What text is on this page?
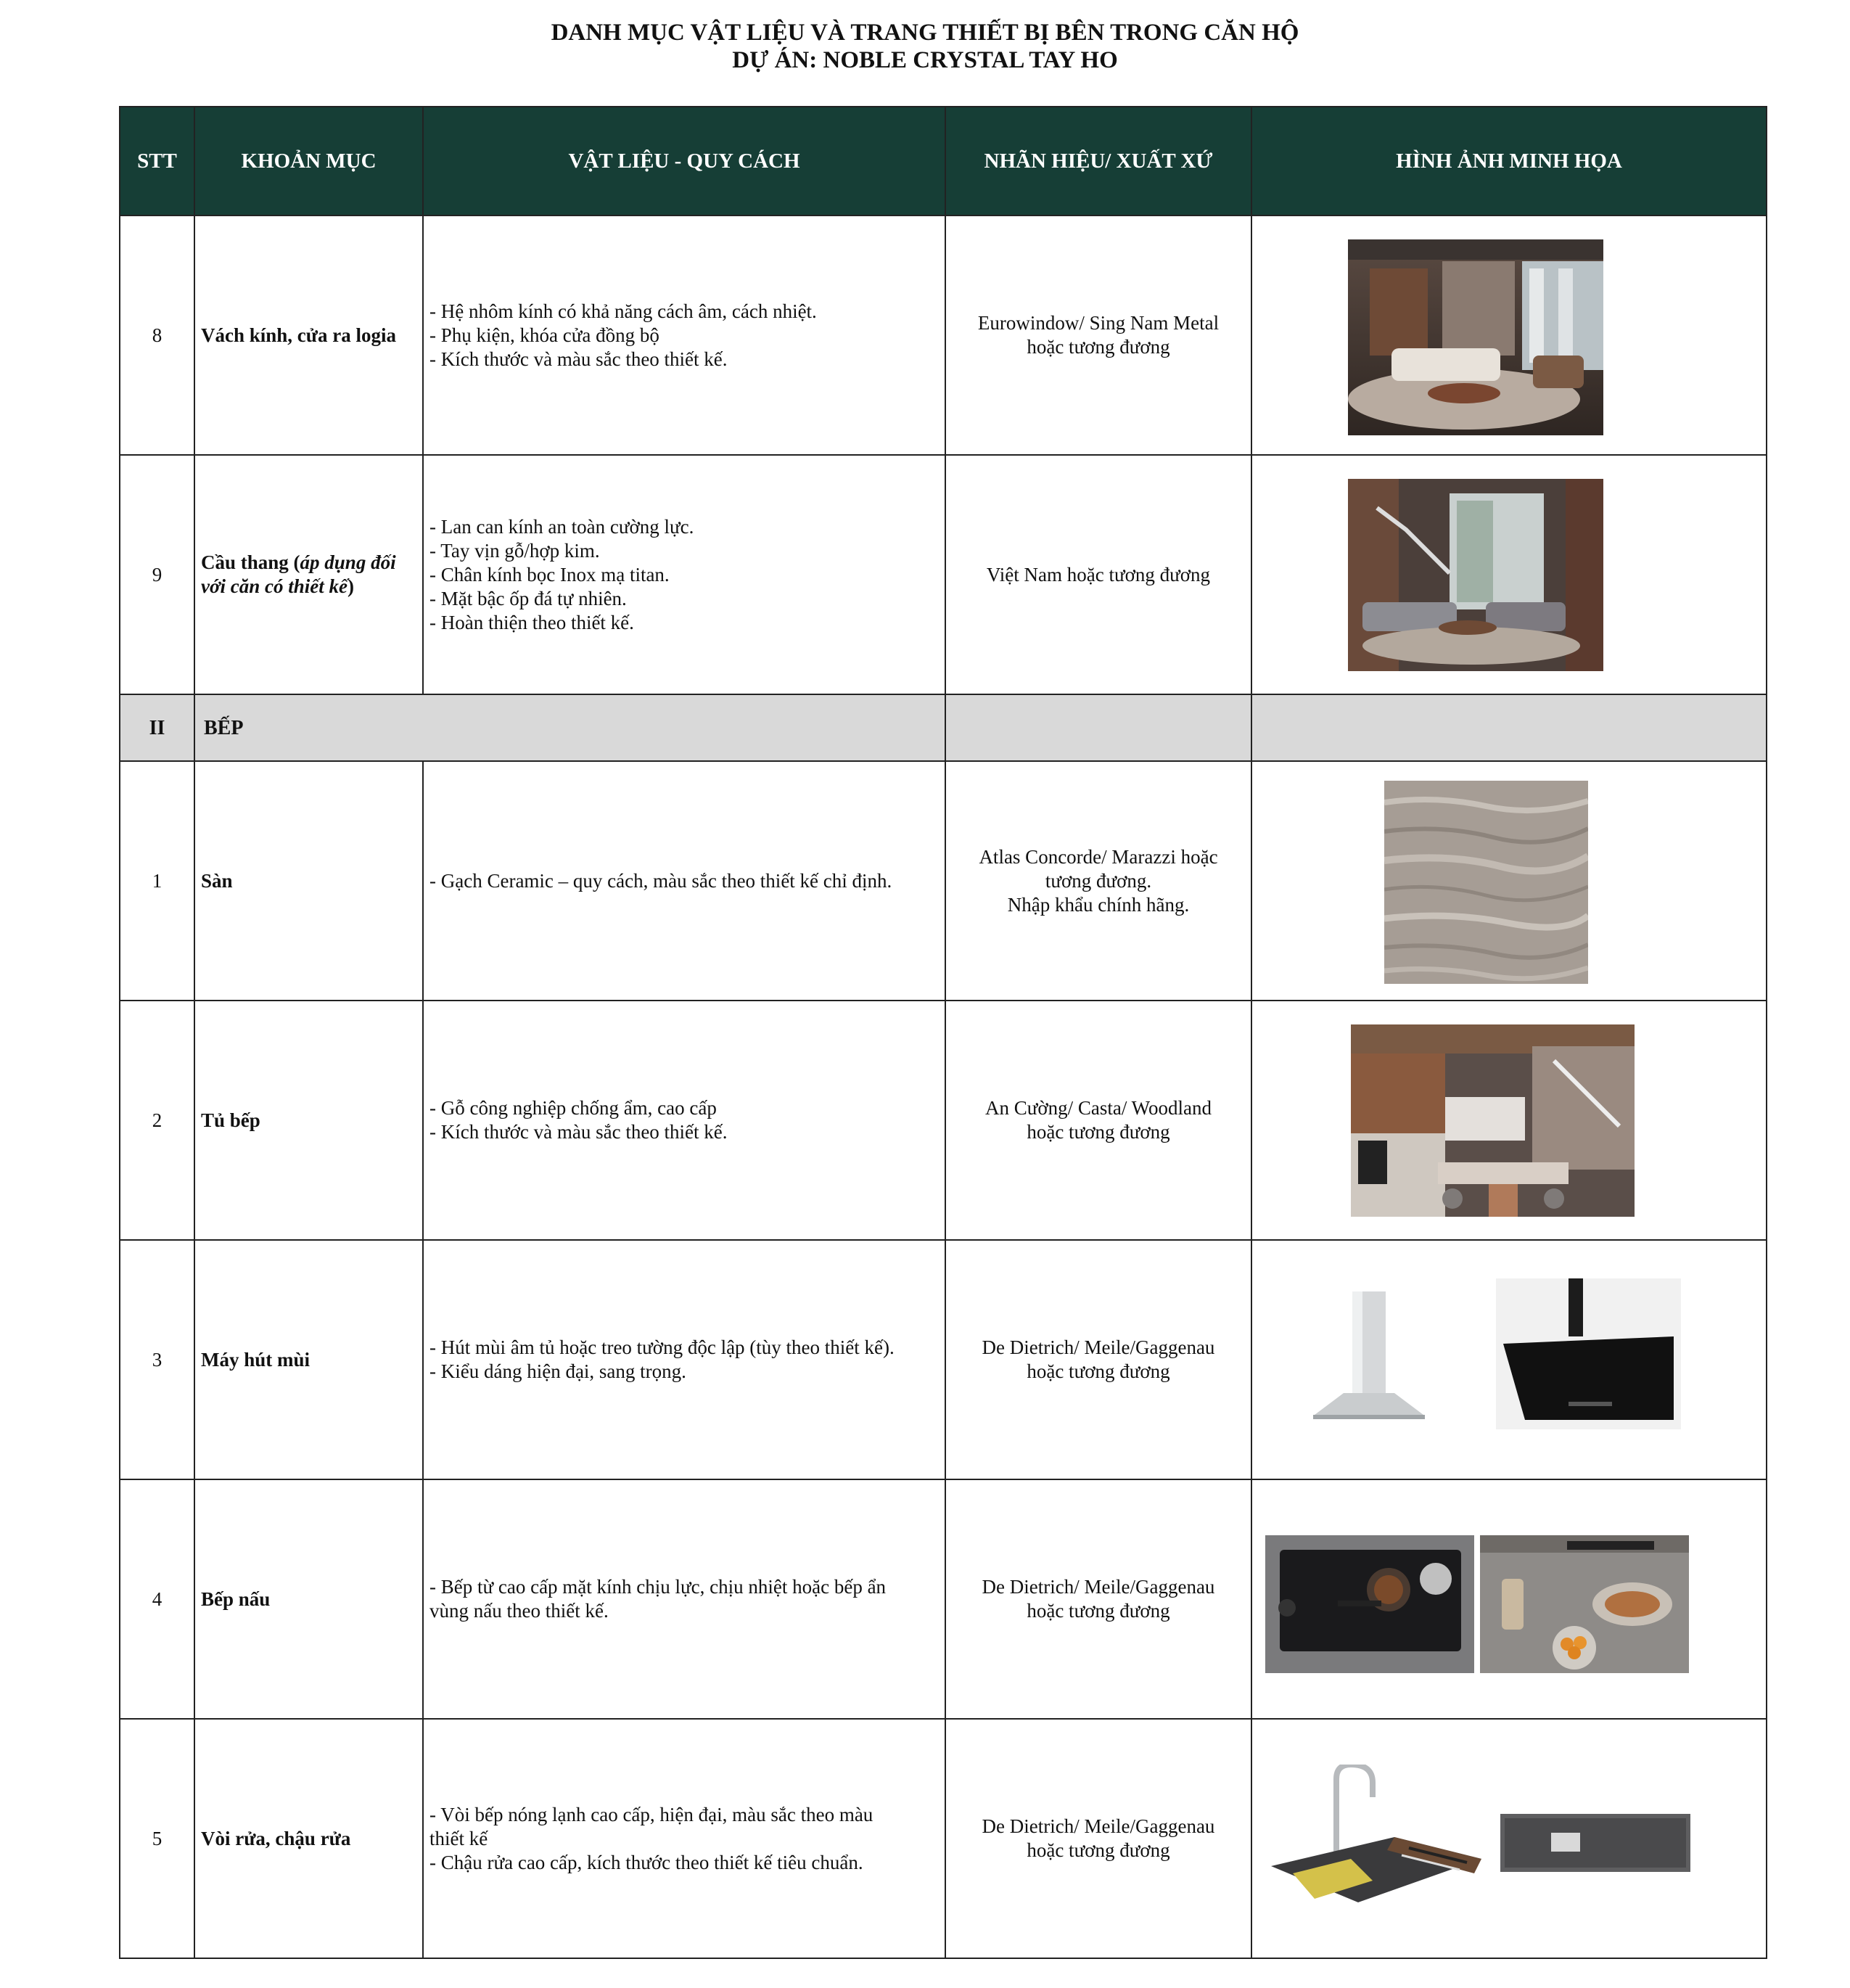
DANH MỤC VẬT LIỆU VÀ TRANG THIẾT BỊ BÊN TRONG CĂN HỘ
DỰ ÁN: NOBLE CRYSTAL TAY HO
STT	KHOẢN MỤC	VẬT LIỆU - QUY CÁCH	NHÃN HIỆU/ XUẤT XỨ	HÌNH ẢNH MINH HỌA
8	Vách kính, cửa ra logia	- Hệ nhôm kính có khả năng cách âm, cách nhiệt.
- Phụ kiện, khóa cửa đồng bộ
- Kích thước và màu sắc theo thiết kế.	Eurowindow/ Sing Nam Metal
hoặc tương đương

9	Cầu thang (áp dụng đối với căn có thiết kế)	- Lan can kính an toàn cường lực.
- Tay vịn gỗ/hợp kim.
- Chân kính bọc Inox mạ titan.
- Mặt bậc ốp đá tự nhiên.
- Hoàn thiện theo thiết kế.	Việt Nam hoặc tương đương

II	BẾP			
1	Sàn	- Gạch Ceramic – quy cách, màu sắc theo thiết kế chỉ định.	Atlas Concorde/ Marazzi hoặc
tương đương.
Nhập khẩu chính hãng.

2	Tủ bếp	- Gỗ công nghiệp chống ẩm, cao cấp
- Kích thước và màu sắc theo thiết kế.	An Cường/ Casta/ Woodland
hoặc tương đương

3	Máy hút mùi	- Hút mùi âm tủ hoặc treo tường độc lập (tùy theo thiết kế).
- Kiểu dáng hiện đại, sang trọng.	De Dietrich/ Meile/Gaggenau
hoặc tương đương

4	Bếp nấu	- Bếp từ cao cấp mặt kính chịu lực, chịu nhiệt hoặc bếp ẩn
vùng nấu theo thiết kế.	De Dietrich/ Meile/Gaggenau
hoặc tương đương

5	Vòi rửa, chậu rửa	- Vòi bếp nóng lạnh cao cấp, hiện đại, màu sắc theo màu
thiết kế
- Chậu rửa cao cấp, kích thước theo thiết kế tiêu chuẩn.	De Dietrich/ Meile/Gaggenau
hoặc tương đương
